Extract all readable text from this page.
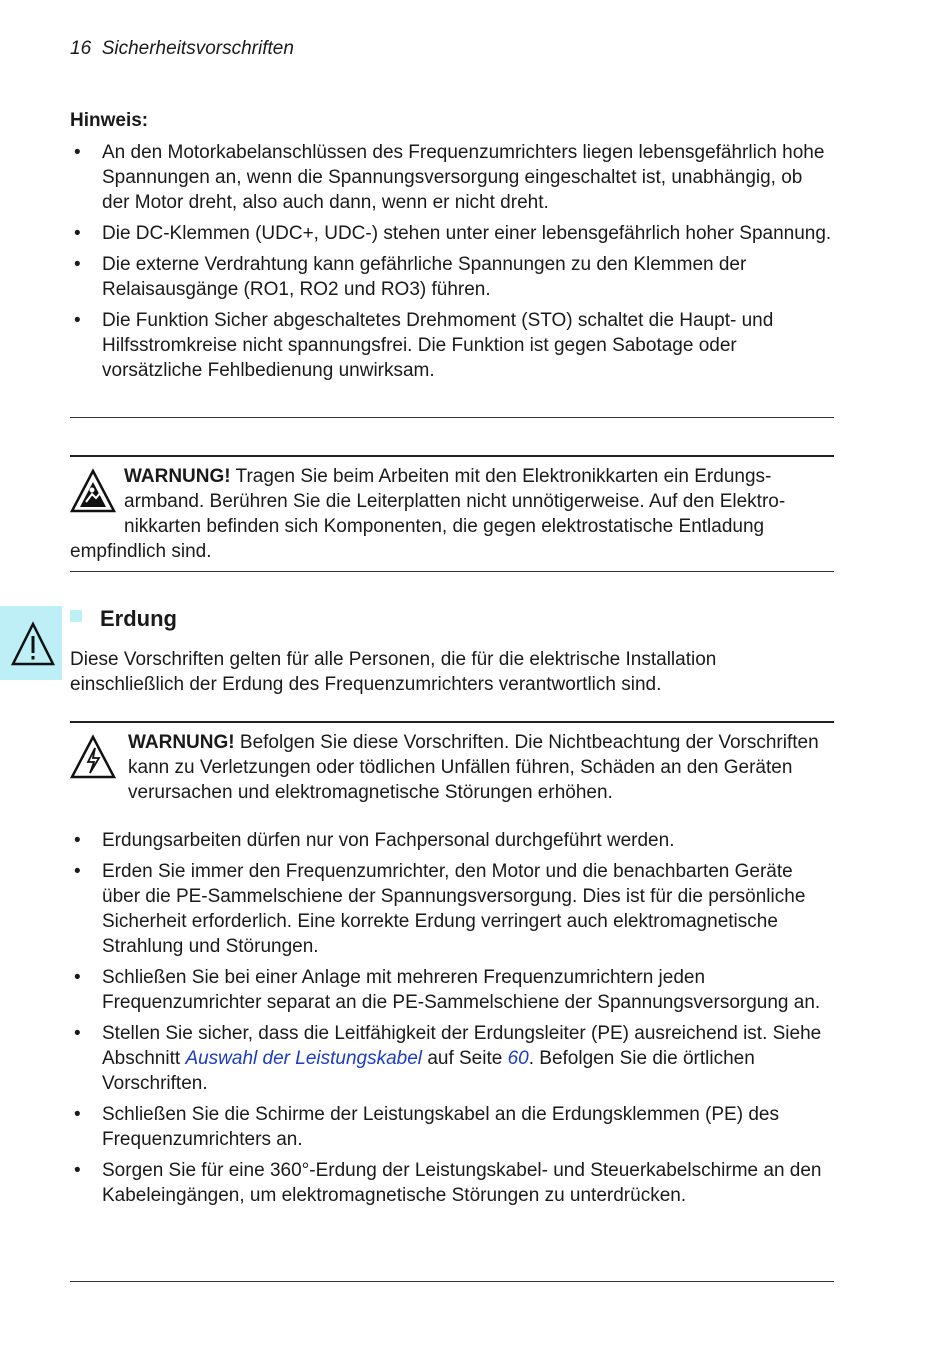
16 Sicherheitsvorschriften
Hinweis:
• An den Motorkabelanschlüssen des Frequenzumrichters liegen lebensgefährlich hohe Spannungen an, wenn die Spannungsversorgung eingeschaltet ist, unabhängig, ob der Motor dreht, also auch dann, wenn er nicht dreht.
• Die DC-Klemmen (UDC+, UDC-) stehen unter einer lebensgefährlich hoher Spannung.
• Die externe Verdrahtung kann gefährliche Spannungen zu den Klemmen der Relaisausgänge (RO1, RO2 und RO3) führen.
• Die Funktion Sicher abgeschaltetes Drehmoment (STO) schaltet die Haupt- und Hilfsstromkreise nicht spannungsfrei. Die Funktion ist gegen Sabotage oder vorsätzliche Fehlbedienung unwirksam.
WARNUNG! Tragen Sie beim Arbeiten mit den Elektronikkarten ein Erdungs-armband. Berühren Sie die Leiterplatten nicht unnötigerweise. Auf den Elektro-nikkarten befinden sich Komponenten, die gegen elektrostatische Entladung empfindlich sind.
Erdung
Diese Vorschriften gelten für alle Personen, die für die elektrische Installation einschließlich der Erdung des Frequenzumrichters verantwortlich sind.
WARNUNG! Befolgen Sie diese Vorschriften. Die Nichtbeachtung der Vorschriften kann zu Verletzungen oder tödlichen Unfällen führen, Schäden an den Geräten verursachen und elektromagnetische Störungen erhöhen.
• Erdungsarbeiten dürfen nur von Fachpersonal durchgeführt werden.
• Erden Sie immer den Frequenzumrichter, den Motor und die benachbarten Geräte über die PE-Sammelschiene der Spannungsversorgung. Dies ist für die persönliche Sicherheit erforderlich. Eine korrekte Erdung verringert auch elektromagnetische Strahlung und Störungen.
• Schließen Sie bei einer Anlage mit mehreren Frequenzumrichtern jeden Frequenzumrichter separat an die PE-Sammelschiene der Spannungsversorgung an.
• Stellen Sie sicher, dass die Leitfähigkeit der Erdungsleiter (PE) ausreichend ist. Siehe Abschnitt Auswahl der Leistungskabel auf Seite 60. Befolgen Sie die örtlichen Vorschriften.
• Schließen Sie die Schirme der Leistungskabel an die Erdungsklemmen (PE) des Frequenzumrichters an.
• Sorgen Sie für eine 360°-Erdung der Leistungskabel- und Steuerkabelschirme an den Kabeleingängen, um elektromagnetische Störungen zu unterdrücken.
